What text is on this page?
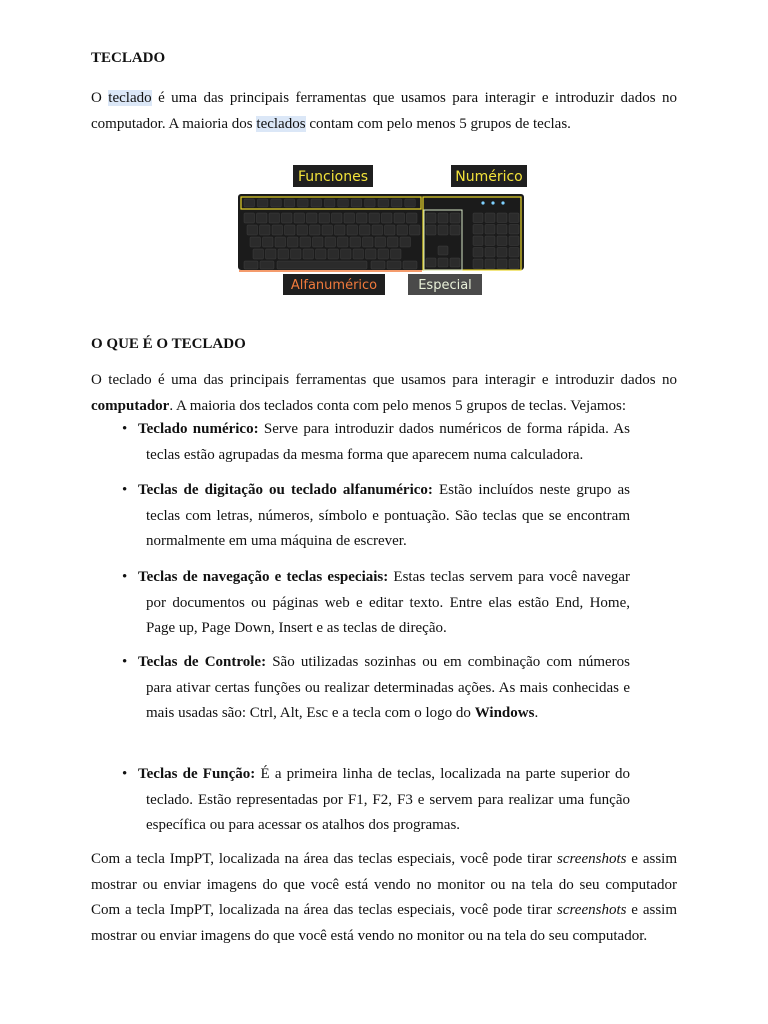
TECLADO

O teclado é uma das principais ferramentas que usamos para interagir e introduzir dados no computador. A maioria dos teclados contam com pelo menos 5 grupos de teclas.

Funciones	Numérico
Alfanumérico	Especial
O QUE É O TECLADO

O teclado é uma das principais ferramentas que usamos para interagir e introduzir dados no computador. A maioria dos teclados conta com pelo menos 5 grupos de teclas. Vejamos:

• Teclado numérico: Serve para introduzir dados numéricos de forma rápida. As teclas estão agrupadas da mesma forma que aparecem numa calculadora.

• Teclas de digitação ou teclado alfanumérico: Estão incluídos neste grupo as teclas com letras, números, símbolo e pontuação. São teclas que se encontram normalmente em uma máquina de escrever.

• Teclas de navegação e teclas especiais: Estas teclas servem para você navegar por documentos ou páginas web e editar texto. Entre elas estão End, Home, Page up, Page Down, Insert e as teclas de direção.

• Teclas de Controle: São utilizadas sozinhas ou em combinação com números para ativar certas funções ou realizar determinadas ações. As mais conhecidas e mais usadas são: Ctrl, Alt, Esc e a tecla com o logo do Windows.

• Teclas de Função: É a primeira linha de teclas, localizada na parte superior do teclado. Estão representadas por F1, F2, F3 e servem para realizar uma função específica ou para acessar os atalhos dos programas.

Com a tecla ImpPT, localizada na área das teclas especiais, você pode tirar screenshots e assim mostrar ou enviar imagens do que você está vendo no monitor ou na tela do seu computador Com a tecla ImpPT, localizada na área das teclas especiais, você pode tirar screenshots e assim mostrar ou enviar imagens do que você está vendo no monitor ou na tela do seu computador.
